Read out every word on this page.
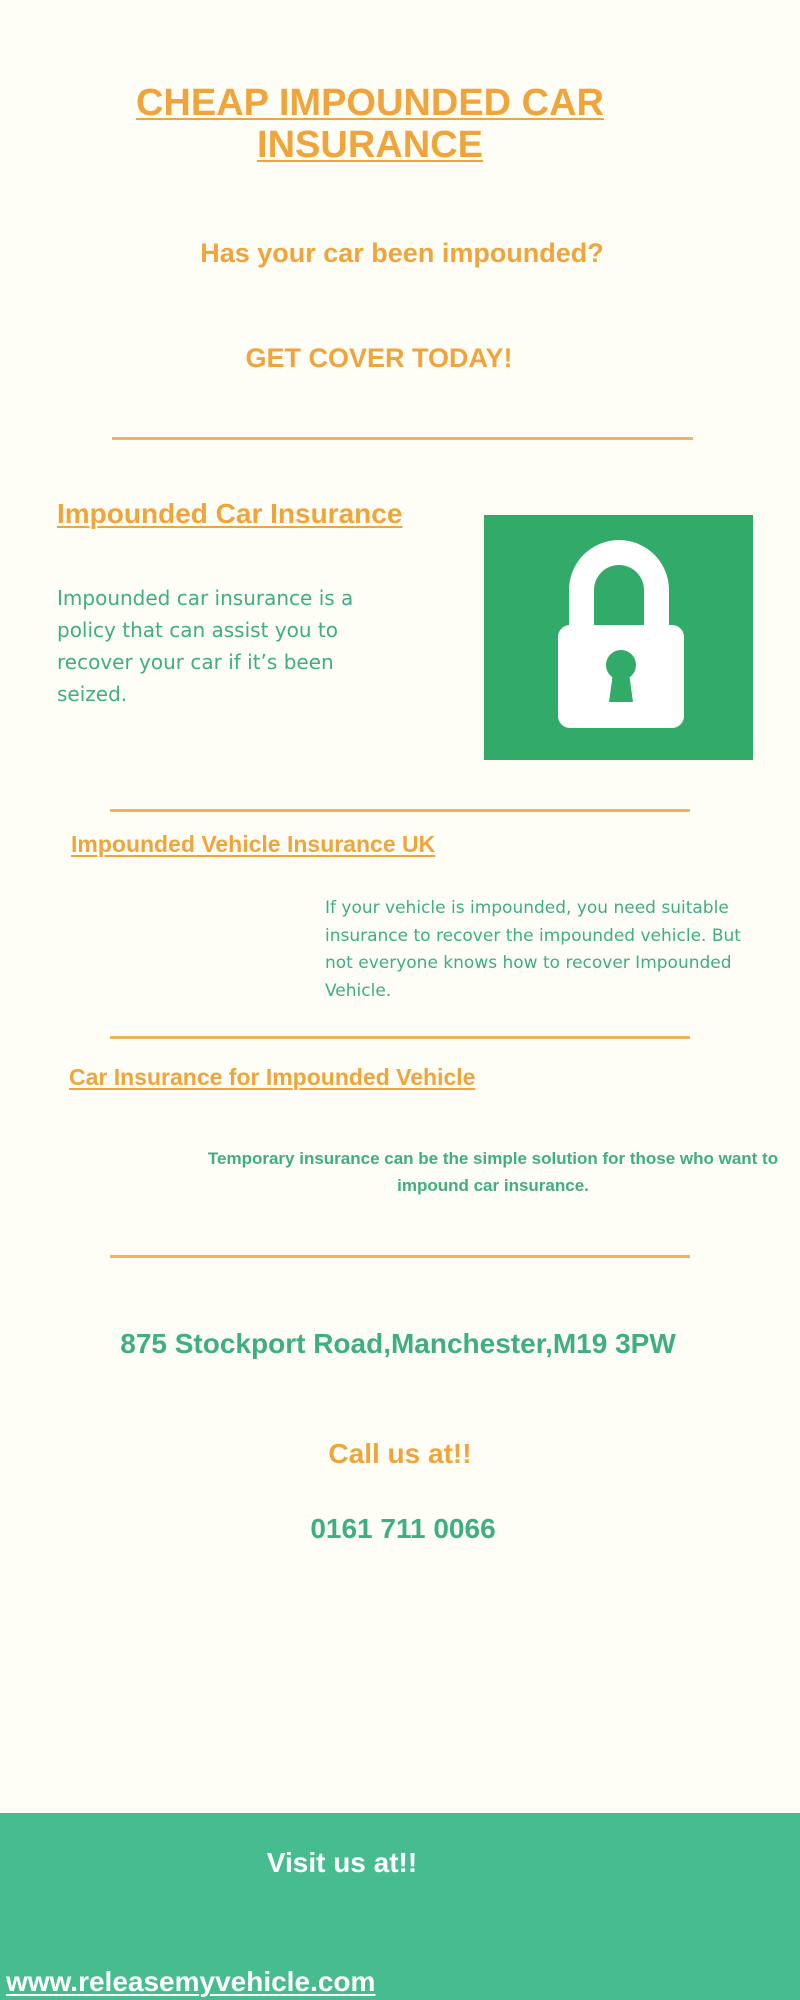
CHEAP IMPOUNDED CAR INSURANCE
Has your car been impounded?
GET COVER TODAY!
Impounded Car Insurance
Impounded car insurance is a policy that can assist you to recover your car if it’s been seized.
Impounded Vehicle Insurance UK
If your vehicle is impounded, you need suitable insurance to recover the impounded vehicle. But not everyone knows how to recover Impounded Vehicle.
Car Insurance for Impounded Vehicle
Temporary insurance can be the simple solution for those who want to impound car insurance.
875 Stockport Road,Manchester,M19 3PW
Call us at!!
0161 711 0066
Visit us at!!
www.releasemyvehicle.com
